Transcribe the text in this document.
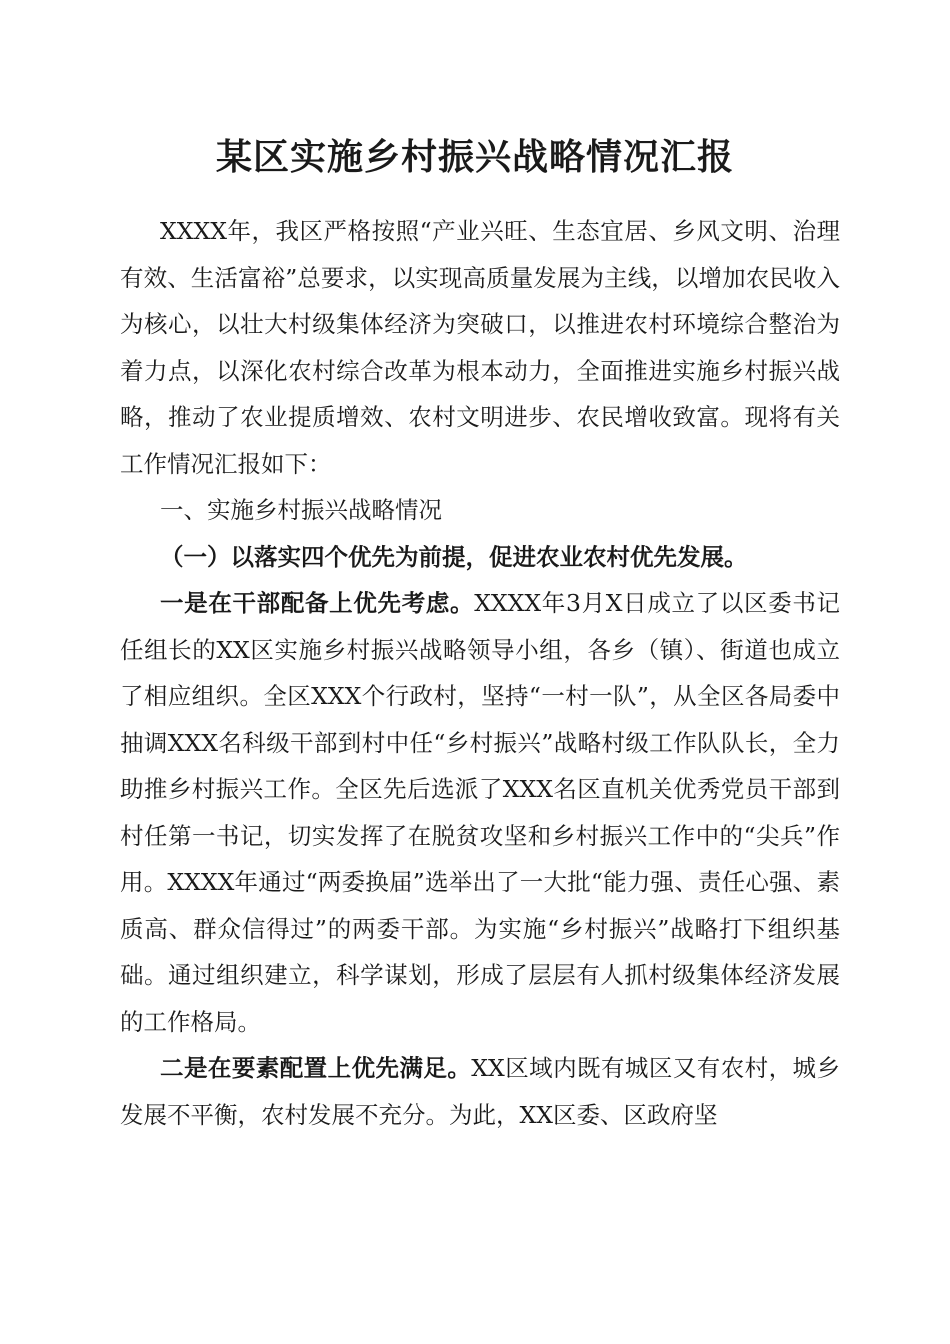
某区实施乡村振兴战略情况汇报

XXXX年，我区严格按照“产业兴旺、生态宜居、乡风文明、治理有效、生活富裕”总要求，以实现高质量发展为主线，以增加农民收入为核心，以壮大村级集体经济为突破口，以推进农村环境综合整治为着力点，以深化农村综合改革为根本动力，全面推进实施乡村振兴战略，推动了农业提质增效、农村文明进步、农民增收致富。现将有关工作情况汇报如下：

一、实施乡村振兴战略情况

（一）以落实四个优先为前提，促进农业农村优先发展。

一是在干部配备上优先考虑。XXXX年3月X日成立了以区委书记任组长的XX区实施乡村振兴战略领导小组，各乡（镇）、街道也成立了相应组织。全区XXX个行政村，坚持“一村一队”，从全区各局委中抽调XXX名科级干部到村中任“乡村振兴”战略村级工作队队长，全力助推乡村振兴工作。全区先后选派了XXX名区直机关优秀党员干部到村任第一书记，切实发挥了在脱贫攻坚和乡村振兴工作中的“尖兵”作用。XXXX年通过“两委换届”选举出了一大批“能力强、责任心强、素质高、群众信得过”的两委干部。为实施“乡村振兴”战略打下组织基础。通过组织建立，科学谋划，形成了层层有人抓村级集体经济发展的工作格局。

二是在要素配置上优先满足。XX区域内既有城区又有农村，城乡发展不平衡，农村发展不充分。为此，XX区委、区政府坚
